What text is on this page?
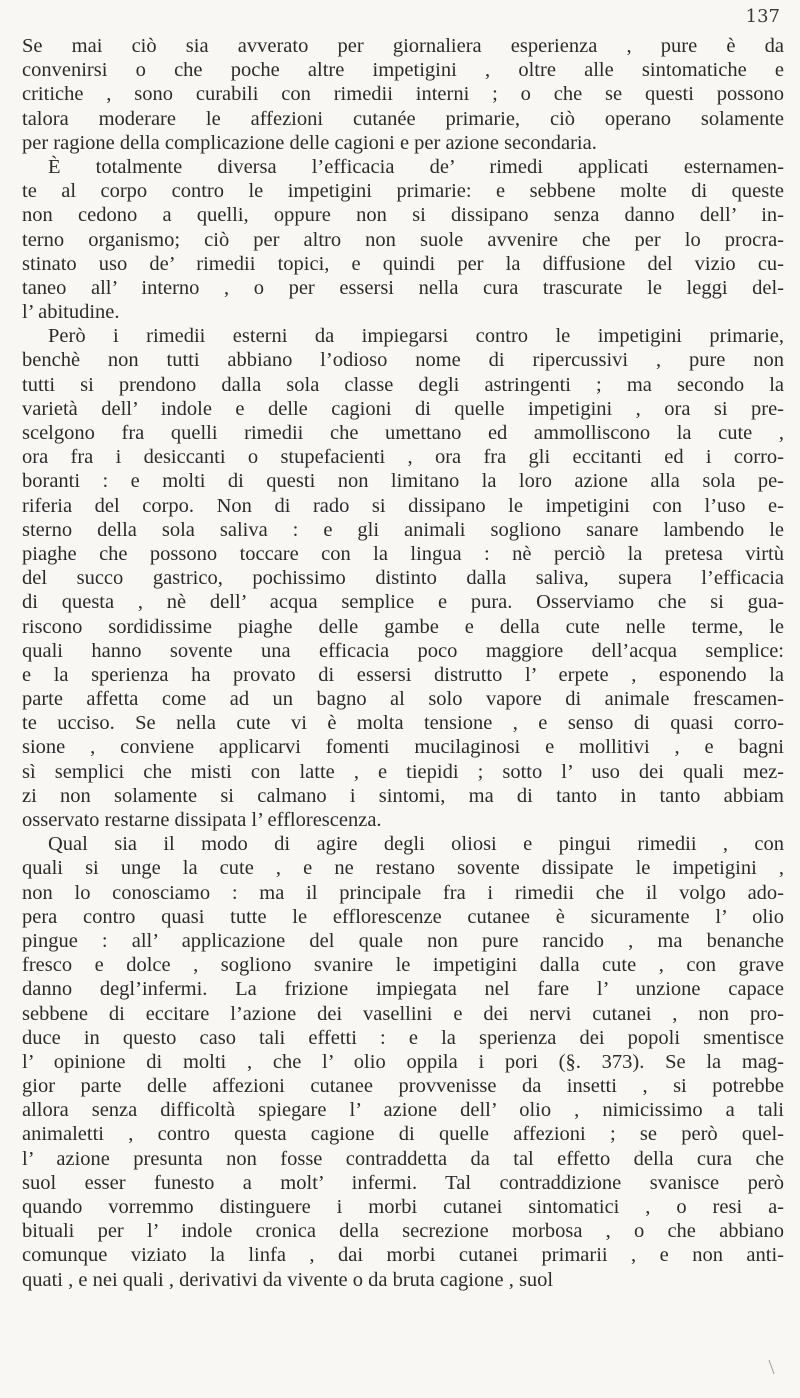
137
Se mai ciò sia avverato per giornaliera esperienza , pure è da
convenirsi o che poche altre impetigini , oltre alle sintomatiche e
critiche , sono curabili con rimedii interni ; o che se questi possono
talora moderare le affezioni cutanée primarie, ciò operano solamente
per ragione della complicazione delle cagioni e per azione secondaria.
È totalmente diversa l’efficacia de’ rimedi applicati esternamen-
te al corpo contro le impetigini primarie: e sebbene molte di queste
non cedono a quelli, oppure non si dissipano senza danno dell’ in-
terno organismo; ciò per altro non suole avvenire che per lo procra-
stinato uso de’ rimedii topici, e quindi per la diffusione del vizio cu-
taneo all’ interno , o per essersi nella cura trascurate le leggi del-
l’ abitudine.
Però i rimedii esterni da impiegarsi contro le impetigini primarie,
benchè non tutti abbiano l’odioso nome di ripercussivi , pure non
tutti si prendono dalla sola classe degli astringenti ; ma secondo la
varietà dell’ indole e delle cagioni di quelle impetigini , ora si pre-
scelgono fra quelli rimedii che umettano ed ammolliscono la cute ,
ora fra i desiccanti o stupefacienti , ora fra gli eccitanti ed i corro-
boranti : e molti di questi non limitano la loro azione alla sola pe-
riferia del corpo. Non di rado si dissipano le impetigini con l’uso e-
sterno della sola saliva : e gli animali sogliono sanare lambendo le
piaghe che possono toccare con la lingua : nè perciò la pretesa virtù
del succo gastrico, pochissimo distinto dalla saliva, supera l’efficacia
di questa , nè dell’ acqua semplice e pura. Osserviamo che si gua-
riscono sordidissime piaghe delle gambe e della cute nelle terme, le
quali hanno sovente una efficacia poco maggiore dell’acqua semplice:
e la sperienza ha provato di essersi distrutto l’ erpete , esponendo la
parte affetta come ad un bagno al solo vapore di animale frescamen-
te ucciso. Se nella cute vi è molta tensione , e senso di quasi corro-
sione , conviene applicarvi fomenti mucilaginosi e mollitivi , e bagni
sì semplici che misti con latte , e tiepidi ; sotto l’ uso dei quali mez-
zi non solamente si calmano i sintomi, ma di tanto in tanto abbiam
osservato restarne dissipata l’ efflorescenza.
Qual sia il modo di agire degli oliosi e pingui rimedii , con
quali si unge la cute , e ne restano sovente dissipate le impetigini ,
non lo conosciamo : ma il principale fra i rimedii che il volgo ado-
pera contro quasi tutte le efflorescenze cutanee è sicuramente l’ olio
pingue : all’ applicazione del quale non pure rancido , ma benanche
fresco e dolce , sogliono svanire le impetigini dalla cute , con grave
danno degl’infermi. La frizione impiegata nel fare l’ unzione capace
sebbene di eccitare l’azione dei vasellini e dei nervi cutanei , non pro-
duce in questo caso tali effetti : e la sperienza dei popoli smentisce
l’ opinione di molti , che l’ olio oppila i pori (§. 373). Se la mag-
gior parte delle affezioni cutanee provvenisse da insetti , si potrebbe
allora senza difficoltà spiegare l’ azione dell’ olio , nimicissimo a tali
animaletti , contro questa cagione di quelle affezioni ; se però quel-
l’ azione presunta non fosse contraddetta da tal effetto della cura che
suol esser funesto a molt’ infermi. Tal contraddizione svanisce però
quando vorremmo distinguere i morbi cutanei sintomatici , o resi a-
bituali per l’ indole cronica della secrezione morbosa , o che abbiano
comunque viziato la linfa , dai morbi cutanei primarii , e non anti-
quati , e nei quali , derivativi da vivente o da bruta cagione , suol
